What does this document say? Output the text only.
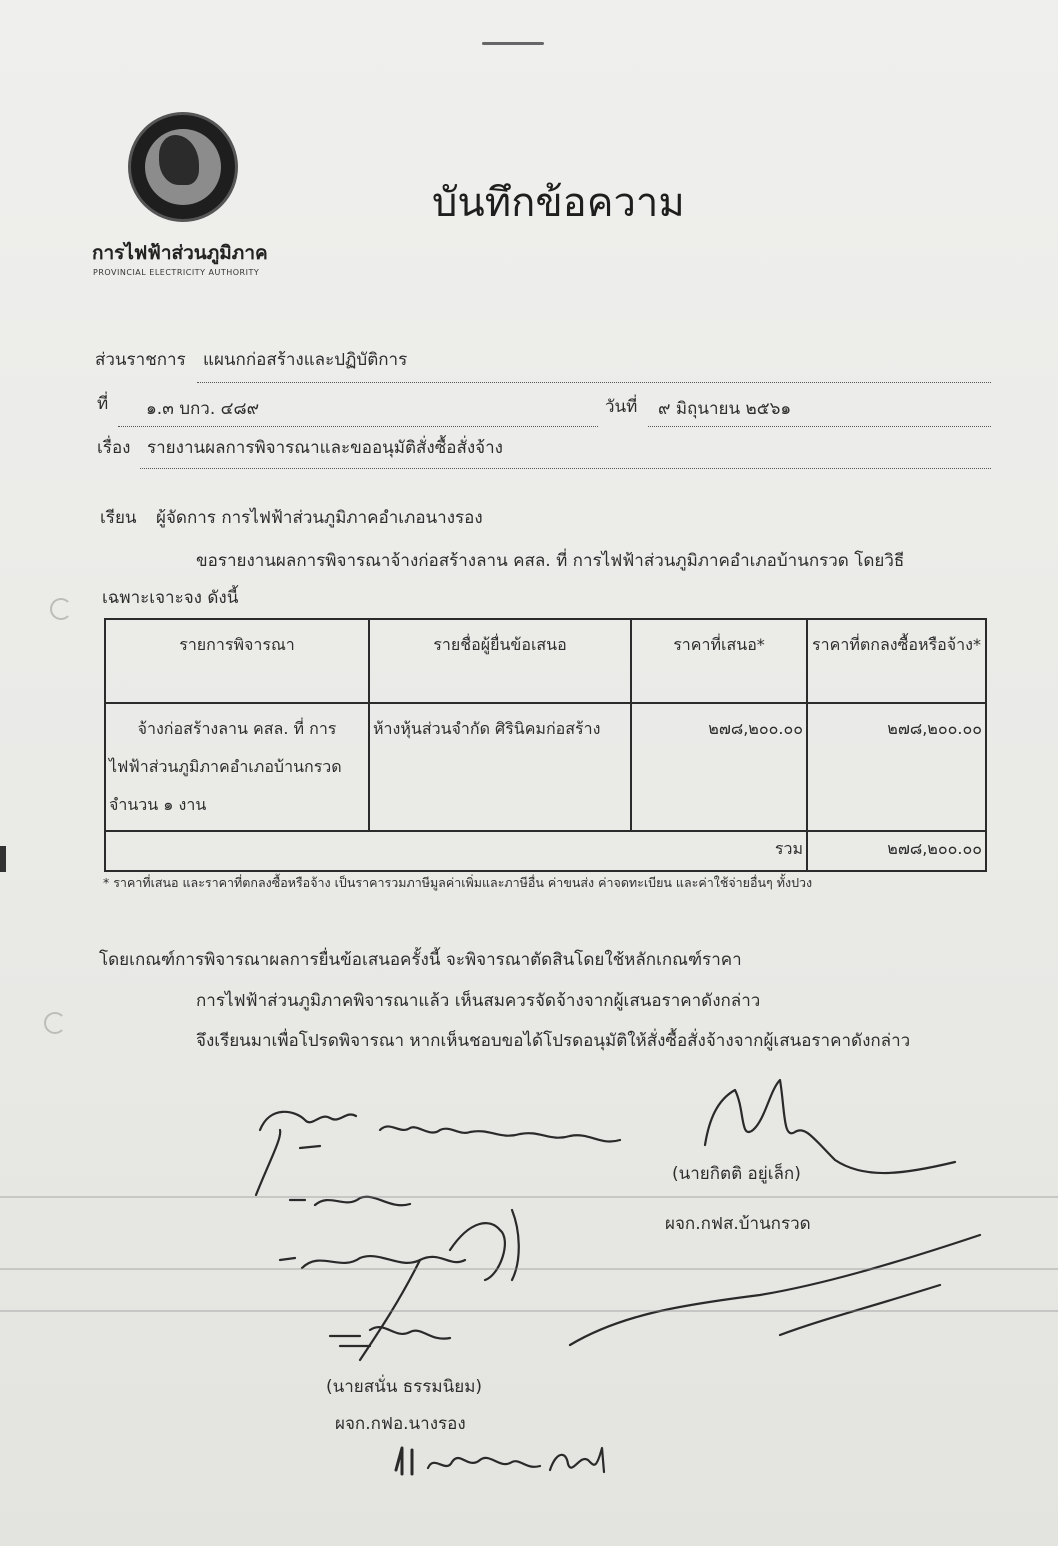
การไฟฟ้าส่วนภูมิภาค
PROVINCIAL ELECTRICITY AUTHORITY
บันทึกข้อความ
ส่วนราชการ แผนกก่อสร้างและปฏิบัติการ
ที่ ๑.๓ บกว. ๔๘๙	วันที่ ๙ มิถุนายน ๒๕๖๑
เรื่อง รายงานผลการพิจารณาและขออนุมัติสั่งซื้อสั่งจ้าง
เรียน ผู้จัดการ การไฟฟ้าส่วนภูมิภาคอำเภอนางรอง
ขอรายงานผลการพิจารณาจ้างก่อสร้างลาน คสล. ที่ การไฟฟ้าส่วนภูมิภาคอำเภอบ้านกรวด โดยวิธี
เฉพาะเจาะจง ดังนี้
รายการพิจารณา	รายชื่อผู้ยื่นข้อเสนอ	ราคาที่เสนอ*	ราคาที่ตกลงซื้อหรือจ้าง*

จ้างก่อสร้างลาน คสล. ที่ การ
ไฟฟ้าส่วนภูมิภาคอำเภอบ้านกรวด
จำนวน ๑ งาน	ห้างหุ้นส่วนจำกัด ศิรินิคมก่อสร้าง	๒๗๘,๒๐๐.๐๐	๒๗๘,๒๐๐.๐๐
รวม			๒๗๘,๒๐๐.๐๐
* ราคาที่เสนอ และราคาที่ตกลงซื้อหรือจ้าง เป็นราคารวมภาษีมูลค่าเพิ่มและภาษีอื่น ค่าขนส่ง ค่าจดทะเบียน และค่าใช้จ่ายอื่นๆ ทั้งปวง
โดยเกณฑ์การพิจารณาผลการยื่นข้อเสนอครั้งนี้ จะพิจารณาตัดสินโดยใช้หลักเกณฑ์ราคา
การไฟฟ้าส่วนภูมิภาคพิจารณาแล้ว เห็นสมควรจัดจ้างจากผู้เสนอราคาดังกล่าว
จึงเรียนมาเพื่อโปรดพิจารณา หากเห็นชอบขอได้โปรดอนุมัติให้สั่งซื้อสั่งจ้างจากผู้เสนอราคาดังกล่าว
(นายกิตติ อยู่เล็ก)
ผจก.กฟส.บ้านกรวด
(นายสนั่น ธรรมนิยม)
ผจก.กฟอ.นางรอง
